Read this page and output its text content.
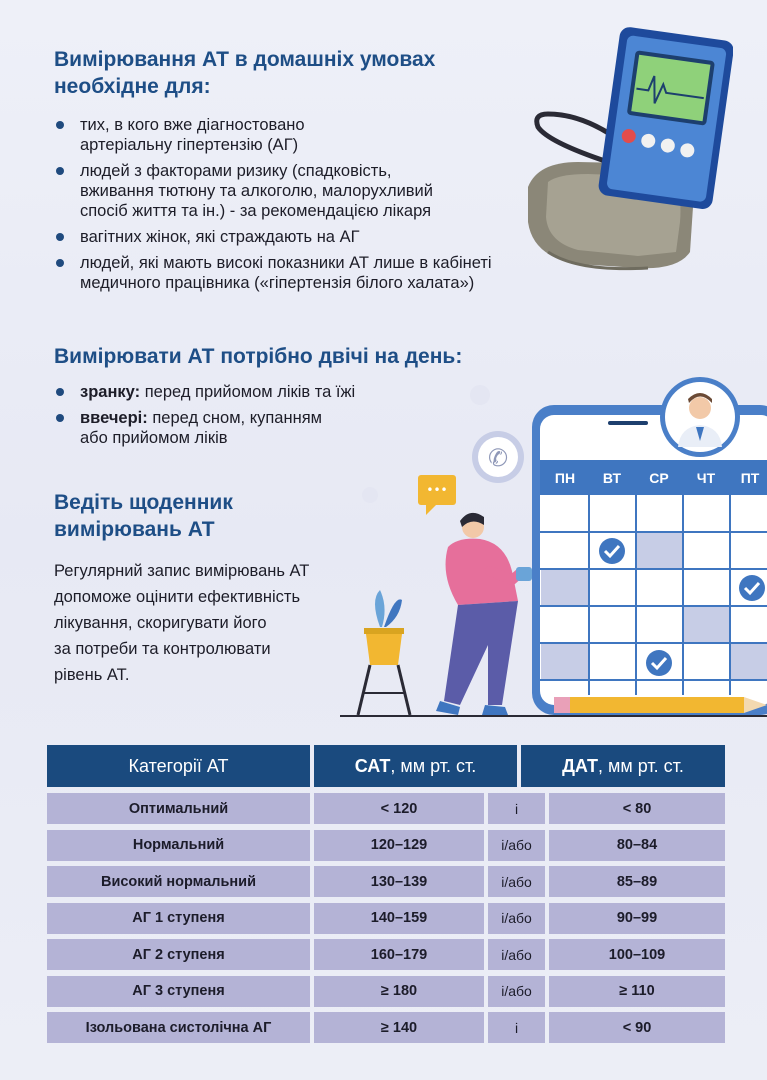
Вимірювання АТ в домашніх умовах
необхідне для:
тих, в кого вже діагностовано
артеріальну гіпертензію (АГ)
людей з факторами ризику (спадковість,
вживання тютюну та алкоголю, малорухливий
спосіб життя та ін.) - за рекомендацією лікаря
вагітних жінок, які страждають на АГ
людей, які мають високі показники АТ лише в кабінеті
медичного працівника («гіпертензія білого халата»)
Вимірювати АТ потрібно двічі на день:
зранку: перед прийомом ліків та їжі
ввечері: перед сном, купанням
або прийомом ліків
Ведіть щоденник
вимірювань АТ
Регулярний запис вимірювань АТ
допоможе оцінити ефективність
лікування, скоригувати його
за потреби та контролювати
рівень АТ.
ПН ВТ СР ЧТ ПТ
✆
•••
Категорії АТ	САТ , мм рт. ст.	ДАТ , мм рт. ст.
Оптимальний	< 120	і	< 80
Нормальний	120–129	і/або	80–84
Високий нормальний	130–139	і/або	85–89
АГ 1 ступеня	140–159	і/або	90–99
АГ 2 ступеня	160–179	і/або	100–109
АГ 3 ступеня	≥ 180	і/або	≥ 110
Ізольована систолічна АГ	≥ 140	і	< 90
